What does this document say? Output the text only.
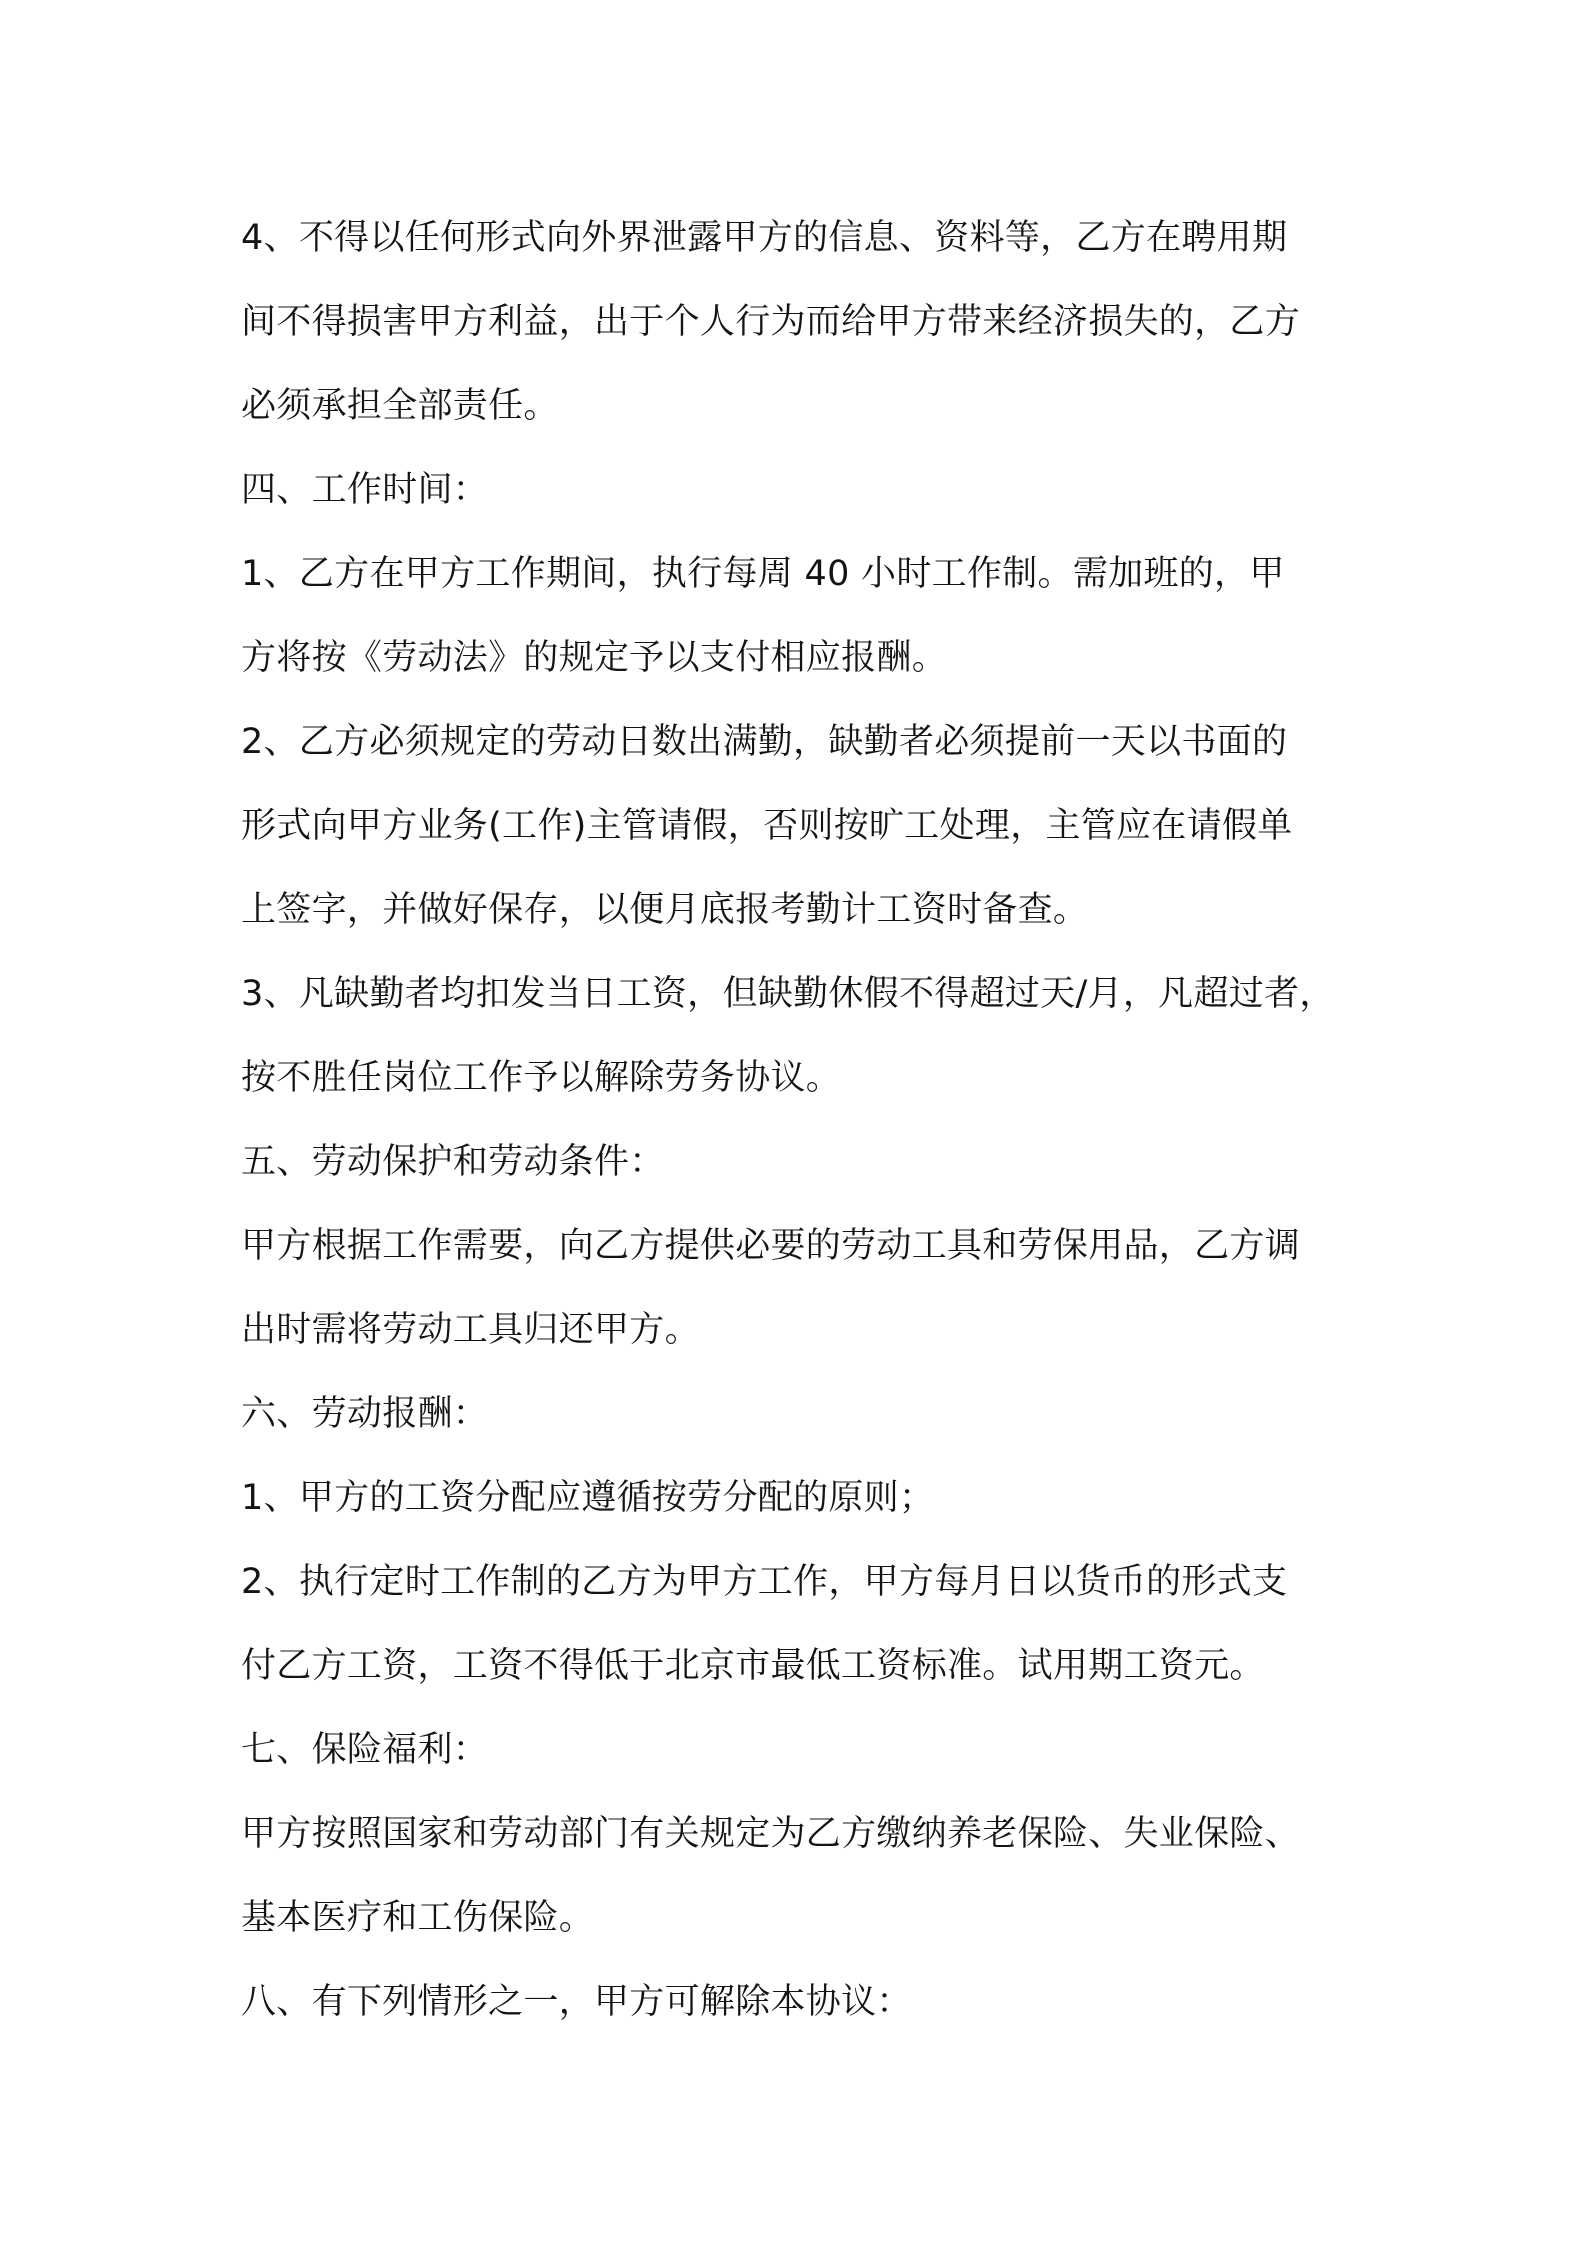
4、不得以任何形式向外界泄露甲方的信息、资料等，乙方在聘用期
间不得损害甲方利益，出于个人行为而给甲方带来经济损失的，乙方
必须承担全部责任。
四、工作时间：
1、乙方在甲方工作期间，执行每周 40 小时工作制。需加班的，甲
方将按《劳动法》的规定予以支付相应报酬。
2、乙方必须规定的劳动日数出满勤，缺勤者必须提前一天以书面的
形式向甲方业务(工作)主管请假，否则按旷工处理，主管应在请假单
上签字，并做好保存，以便月底报考勤计工资时备查。
3、凡缺勤者均扣发当日工资，但缺勤休假不得超过天/月，凡超过者，
按不胜任岗位工作予以解除劳务协议。
五、劳动保护和劳动条件：
甲方根据工作需要，向乙方提供必要的劳动工具和劳保用品，乙方调
出时需将劳动工具归还甲方。
六、劳动报酬：
1、甲方的工资分配应遵循按劳分配的原则；
2、执行定时工作制的乙方为甲方工作，甲方每月日以货币的形式支
付乙方工资，工资不得低于北京市最低工资标准。试用期工资元。
七、保险福利：
甲方按照国家和劳动部门有关规定为乙方缴纳养老保险、失业保险、
基本医疗和工伤保险。
八、有下列情形之一，甲方可解除本协议：
